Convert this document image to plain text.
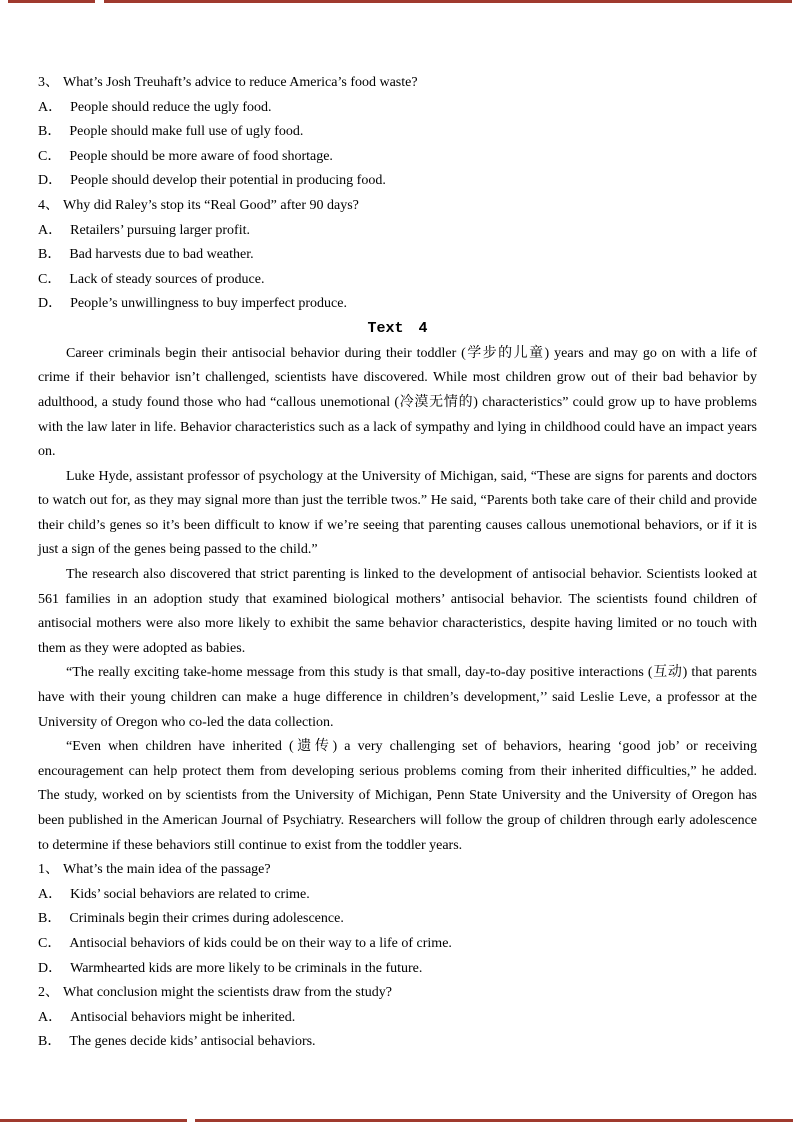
3、 What’s Josh Treuhaft’s advice to reduce America’s food waste?
A． People should reduce the ugly food.
B． People should make full use of ugly food.
C． People should be more aware of food shortage.
D． People should develop their potential in producing food.
4、 Why did Raley’s stop its “Real Good” after 90 days?
A． Retailers’ pursuing larger profit.
B． Bad harvests due to bad weather.
C． Lack of steady sources of produce.
D． People’s unwillingness to buy imperfect produce.
Text 4

Career criminals begin their antisocial behavior during their toddler (学步的儿童) years and may go on with a life of crime if their behavior isn’t challenged, scientists have discovered. While most children grow out of their bad behavior by adulthood, a study found those who had “callous unemotional (冷漠无情的) characteristics” could grow up to have problems with the law later in life. Behavior characteristics such as a lack of sympathy and lying in childhood could have an impact years on.

Luke Hyde, assistant professor of psychology at the University of Michigan, said, “These are signs for parents and doctors to watch out for, as they may signal more than just the terrible twos.” He said, “Parents both take care of their child and provide their child’s genes so it’s been difficult to know if we’re seeing that parenting causes callous unemotional behaviors, or if it is just a sign of the genes being passed to the child.”

The research also discovered that strict parenting is linked to the development of antisocial behavior. Scientists looked at 561 families in an adoption study that examined biological mothers’ antisocial behavior. The scientists found children of antisocial mothers were also more likely to exhibit the same behavior characteristics, despite having limited or no touch with them as they were adopted as babies.

“The really exciting take-home message from this study is that small, day-to-day positive interactions (互动) that parents have with their young children can make a huge difference in children’s development,’’ said Leslie Leve, a professor at the University of Oregon who co-led the data collection.

“Even when children have inherited (遗传) a very challenging set of behaviors, hearing ‘good job’ or receiving encouragement can help protect them from developing serious problems coming from their inherited difficulties,” he added. The study, worked on by scientists from the University of Michigan, Penn State University and the University of Oregon has been published in the American Journal of Psychiatry. Researchers will follow the group of children through early adolescence to determine if these behaviors still continue to exist from the toddler years.

1、 What’s the main idea of the passage?
A． Kids’ social behaviors are related to crime.
B． Criminals begin their crimes during adolescence.
C． Antisocial behaviors of kids could be on their way to a life of crime.
D． Warmhearted kids are more likely to be criminals in the future.
2、 What conclusion might the scientists draw from the study?
A． Antisocial behaviors might be inherited.
B． The genes decide kids’ antisocial behaviors.
